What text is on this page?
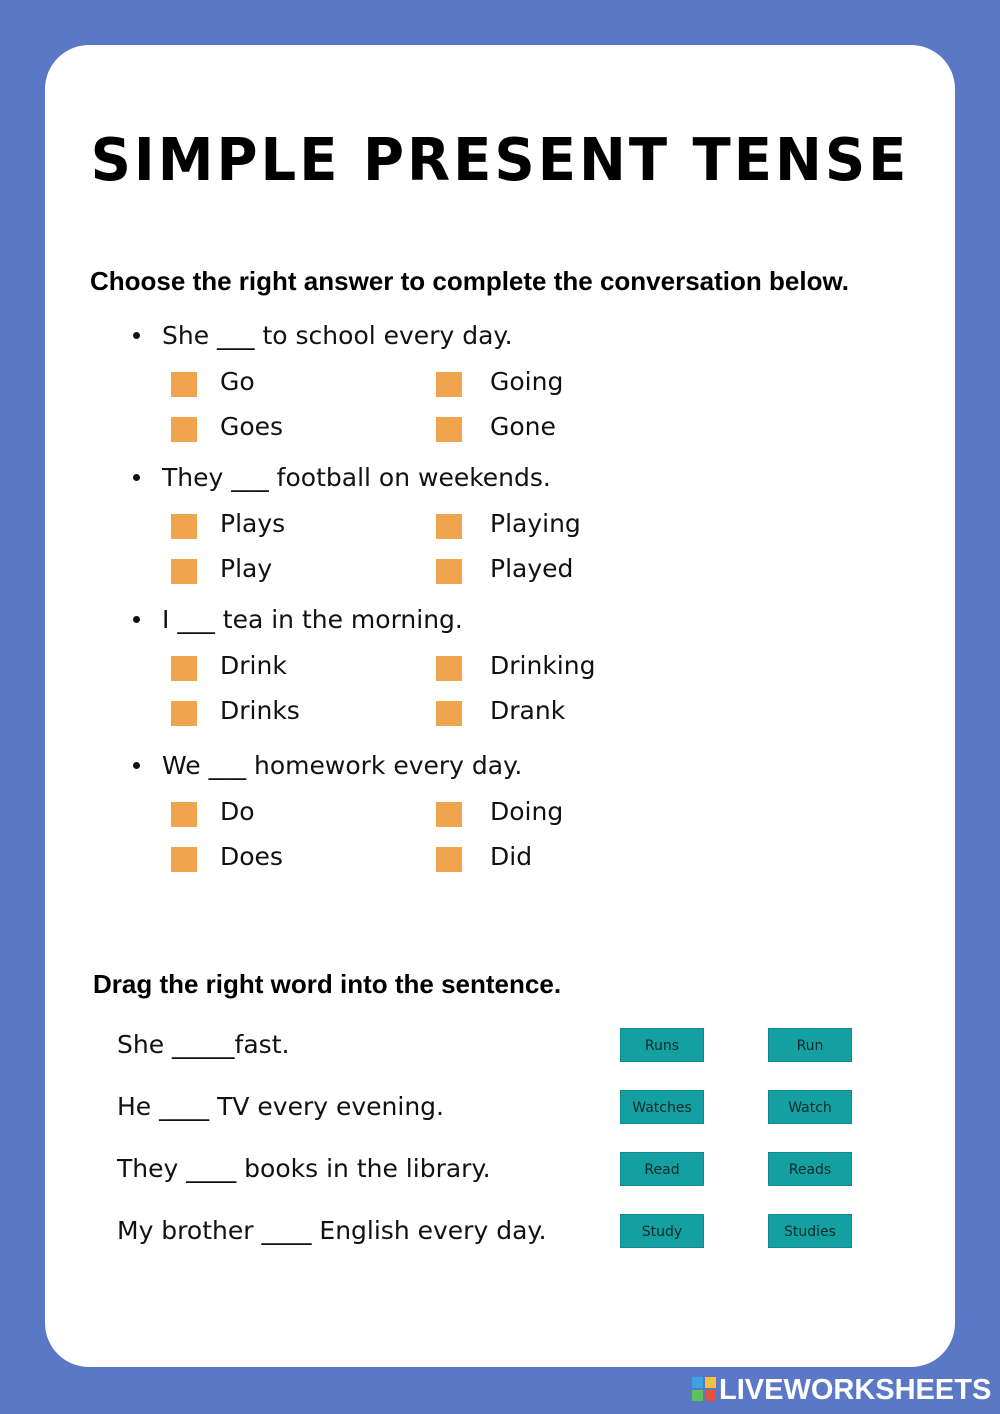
SIMPLE PRESENT TENSE
Choose the right answer to complete the conversation below.
She ___ to school every day.
Go	Going
Goes	Gone
They ___ football on weekends.
Plays	Playing
Play	Played
I ___ tea in the morning.
Drink	Drinking
Drinks	Drank
We ___ homework every day.
Do	Doing
Does	Did
Drag the right word into the sentence.
She _____fast.	Runs	Run
He ____ TV every evening.	Watches	Watch
They ____ books in the library.	Read	Reads
My brother ____ English every day.	Study	Studies
LIVEWORKSHEETS
